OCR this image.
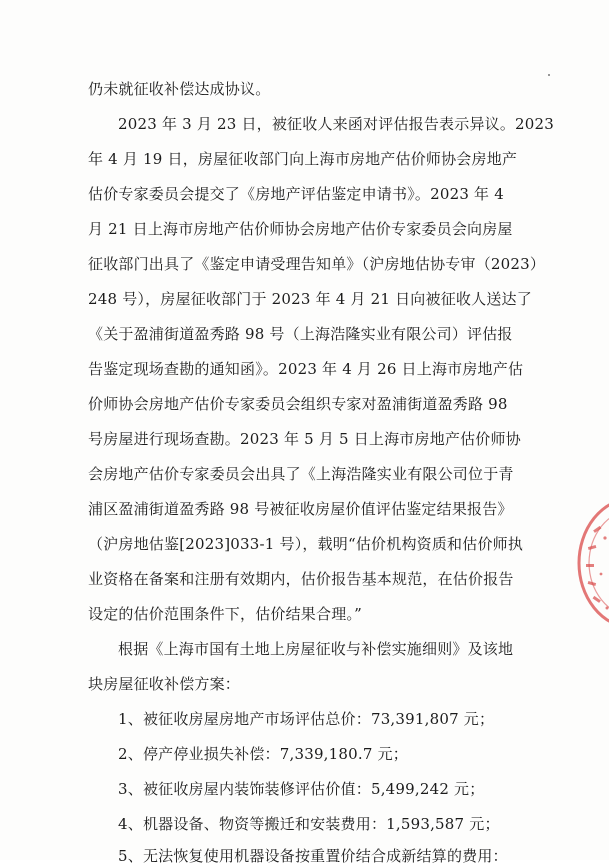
仍未就征收补偿达成协议。
2023 年 3 月 23 日，被征收人来函对评估报告表示异议。2023
年 4 月 19 日，房屋征收部门向上海市房地产估价师协会房地产
估价专家委员会提交了《房地产评估鉴定申请书》。2023 年 4
月 21 日上海市房地产估价师协会房地产估价专家委员会向房屋
征收部门出具了《鉴定申请受理告知单》（沪房地估协专审（2023）
248 号），房屋征收部门于 2023 年 4 月 21 日向被征收人送达了
《关于盈浦街道盈秀路 98 号（上海浩隆实业有限公司）评估报
告鉴定现场查勘的通知函》。2023 年 4 月 26 日上海市房地产估
价师协会房地产估价专家委员会组织专家对盈浦街道盈秀路 98
号房屋进行现场查勘。2023 年 5 月 5 日上海市房地产估价师协
会房地产估价专家委员会出具了《上海浩隆实业有限公司位于青
浦区盈浦街道盈秀路 98 号被征收房屋价值评估鉴定结果报告》
（沪房地估鉴[2023]033-1 号），载明“估价机构资质和估价师执
业资格在备案和注册有效期内，估价报告基本规范，在估价报告
设定的估价范围条件下，估价结果合理。”
根据《上海市国有土地上房屋征收与补偿实施细则》及该地
块房屋征收补偿方案：
1、被征收房屋房地产市场评估总价：73,391,807 元；
2、停产停业损失补偿：7,339,180.7 元；
3、被征收房屋内装饰装修评估价值：5,499,242 元；
4、机器设备、物资等搬迁和安装费用：1,593,587 元；
5、无法恢复使用机器设备按重置价结合成新结算的费用：
